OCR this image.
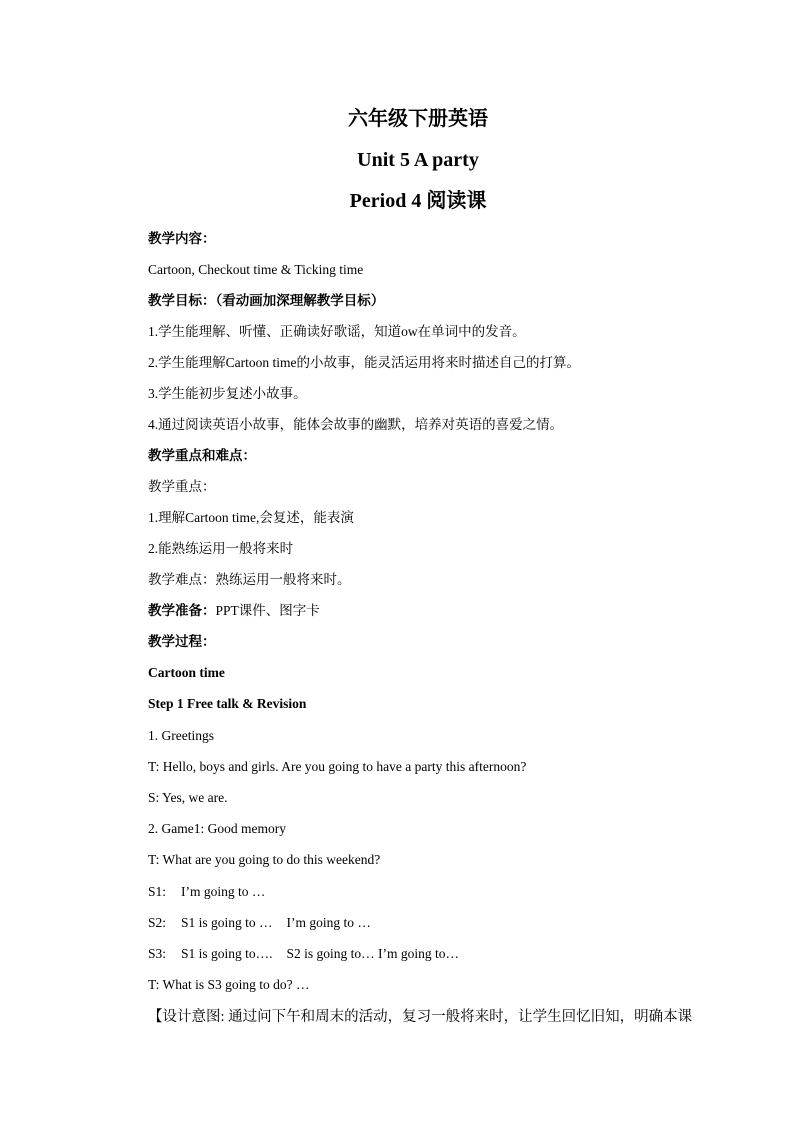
六年级下册英语
Unit 5 A party
Period 4 阅读课
教学内容：
Cartoon, Checkout time & Ticking time
教学目标：（看动画加深理解教学目标）
1.学生能理解、听懂、正确读好歌谣，知道ow在单词中的发音。
2.学生能理解Cartoon time的小故事，能灵活运用将来时描述自己的打算。
3.学生能初步复述小故事。
4.通过阅读英语小故事，能体会故事的幽默，培养对英语的喜爱之情。
教学重点和难点：
教学重点：
1.理解Cartoon time,会复述，能表演
2.能熟练运用一般将来时
教学难点：熟练运用一般将来时。
教学准备：PPT课件、图字卡
教学过程：
Cartoon time
Step 1 Free talk & Revision
1. Greetings
T: Hello, boys and girls. Are you going to have a party this afternoon?
S: Yes, we are.
2. Game1: Good memory
T: What are you going to do this weekend?
S1: I’m going to …
S2: S1 is going to … I’m going to …
S3: S1 is going to…. S2 is going to… I’m going to…
T: What is S3 going to do? …
【设计意图: 通过问下午和周末的活动，复习一般将来时，让学生回忆旧知，明确本课
